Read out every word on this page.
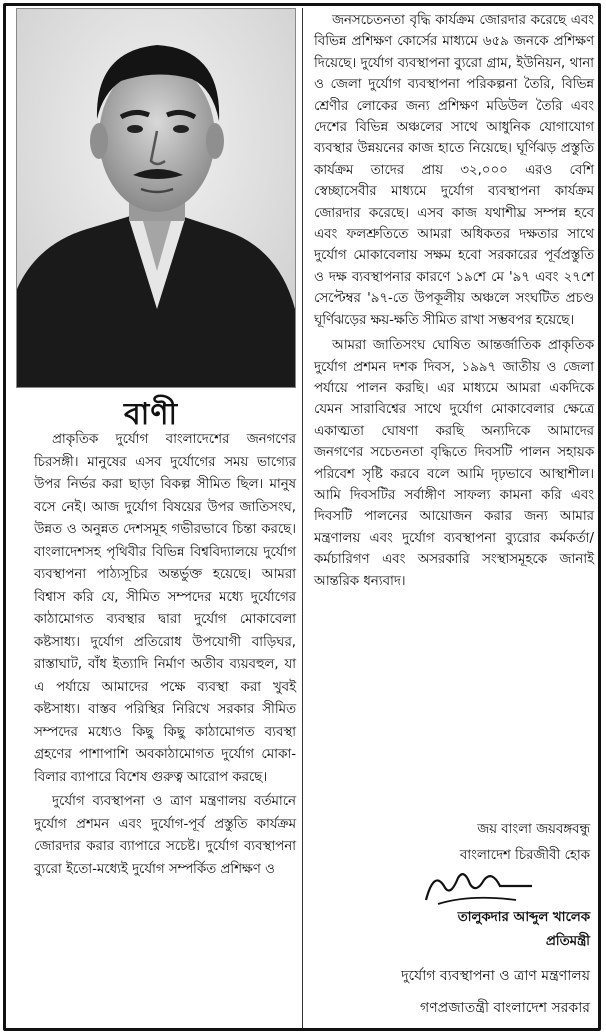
বাণী

প্রাকৃতিক দুর্যোগ বাংলাদেশের জনগণের চিরসঙ্গী। মানুষের এসব দুর্যোগের সময় ভাগ্যের উপর নির্ভর করা ছাড়া বিকল্প সীমিত ছিল। মানুষ বসে নেই। আজ দুর্যোগ বিষয়ের উপর জাতিসংঘ, উন্নত ও অনুন্নত দেশসমূহ গভীরভাবে চিন্তা করছে। বাংলাদেশসহ পৃথিবীর বিভিন্ন বিশ্ববিদ্যালয়ে দুর্যোগ ব্যবস্থাপনা পাঠ্যসূচির অন্তর্ভুক্ত হয়েছে। আমরা বিশ্বাস করি যে, সীমিত সম্পদের মধ্যে দুর্যোগের কাঠামোগত ব্যবস্থার দ্বারা দুর্যোগ মোকাবেলা কষ্টসাধ্য। দুর্যোগ প্রতিরোধ উপযোগী বাড়িঘর, রাস্তাঘাট, বাঁধ ইত্যাদি নির্মাণ অতীব ব্যয়বহুল, যা এ পর্যায়ে আমাদের পক্ষে ব্যবস্থা করা খুবই কষ্টসাধ্য। বাস্তব পরিস্থির নিরিখে সরকার সীমিত সম্পদের মধ্যেও কিছু কিছু কাঠামোগত ব্যবস্থা গ্রহণের পাশাপাশি অবকাঠামোগত দুর্যোগ মোকা-বিলার ব্যাপারে বিশেষ গুরুত্ব আরোপ করছে।

দুর্যোগ ব্যবস্থাপনা ও ত্রাণ মন্ত্রণালয় বর্তমানে দুর্যোগ প্রশমন এবং দুর্যোগ-পূর্ব প্রস্তুতি কার্যক্রম জোরদার করার ব্যাপারে সচেষ্ট। দুর্যোগ ব্যবস্থাপনা ব্যুরো ইতো-মধ্যেই দুর্যোগ সম্পর্কিত প্রশিক্ষণ ও

জনসচেতনতা বৃদ্ধি কার্যক্রম জোরদার করেছে এবং বিভিন্ন প্রশিক্ষণ কোর্সের মাধ্যমে ৬৫৯ জনকে প্রশিক্ষণ দিয়েছে। দুর্যোগ ব্যবস্থাপনা ব্যুরো গ্রাম, ইউনিয়ন, থানা ও জেলা দুর্যোগ ব্যবস্থাপনা পরিকল্পনা তৈরি, বিভিন্ন শ্রেণীর লোকের জন্য প্রশিক্ষণ মডিউল তৈরি এবং দেশের বিভিন্ন অঞ্চলের সাথে আধুনিক যোগাযোগ ব্যবস্থার উন্নয়নের কাজ হাতে নিয়েছে। ঘূর্ণিঝড় প্রস্তুতি কার্যক্রম তাদের প্রায় ৩২,০০০ এরও বেশি স্বেচ্ছাসেবীর মাধ্যমে দুর্যোগ ব্যবস্থাপনা কার্যক্রম জোরদার করেছে। এসব কাজ যথাশীঘ্র সম্পন্ন হবে এবং ফলশ্রুতিতে আমরা অধিকতর দক্ষতার সাথে দুর্যোগ মোকাবেলায় সক্ষম হবো সরকারের পূর্বপ্রস্তুতি ও দক্ষ ব্যবস্থাপনার কারণে ১৯শে মে '৯৭ এবং ২৭শে সেপ্টেম্বর '৯৭-তে উপকূলীয় অঞ্চলে সংঘটিত প্রচণ্ড ঘূর্ণিঝড়ের ক্ষয়-ক্ষতি সীমিত রাখা সম্ভবপর হয়েছে।

আমরা জাতিসংঘ ঘোষিত আন্তর্জাতিক প্রাকৃতিক দুর্যোগ প্রশমন দশক দিবস, ১৯৯৭ জাতীয় ও জেলা পর্যায়ে পালন করছি। এর মাধ্যমে আমরা একদিকে যেমন সারাবিশ্বের সাথে দুর্যোগ মোকাবেলার ক্ষেত্রে একাত্মতা ঘোষণা করছি অন্যদিকে আমাদের জনগণের সচেতনতা বৃদ্ধিতে দিবসটি পালন সহায়ক পরিবেশ সৃষ্টি করবে বলে আমি দৃঢ়ভাবে আস্থাশীল। আমি দিবসটির সর্বাঙ্গীণ সাফল্য কামনা করি এবং দিবসটি পালনের আয়োজন করার জন্য আমার মন্ত্রণালয় এবং দুর্যোগ ব্যবস্থাপনা ব্যুরোর কর্মকর্তা/কর্মচারিগণ এবং অসরকারি সংস্থাসমূহকে জানাই আন্তরিক ধন্যবাদ।

জয় বাংলা জয়বঙ্গবন্ধু
বাংলাদেশ চিরজীবী হোক
তালুকদার আব্দুল খালেক
প্রতিমন্ত্রী
দুর্যোগ ব্যবস্থাপনা ও ত্রাণ মন্ত্রণালয়
গণপ্রজাতন্ত্রী বাংলাদেশ সরকার
